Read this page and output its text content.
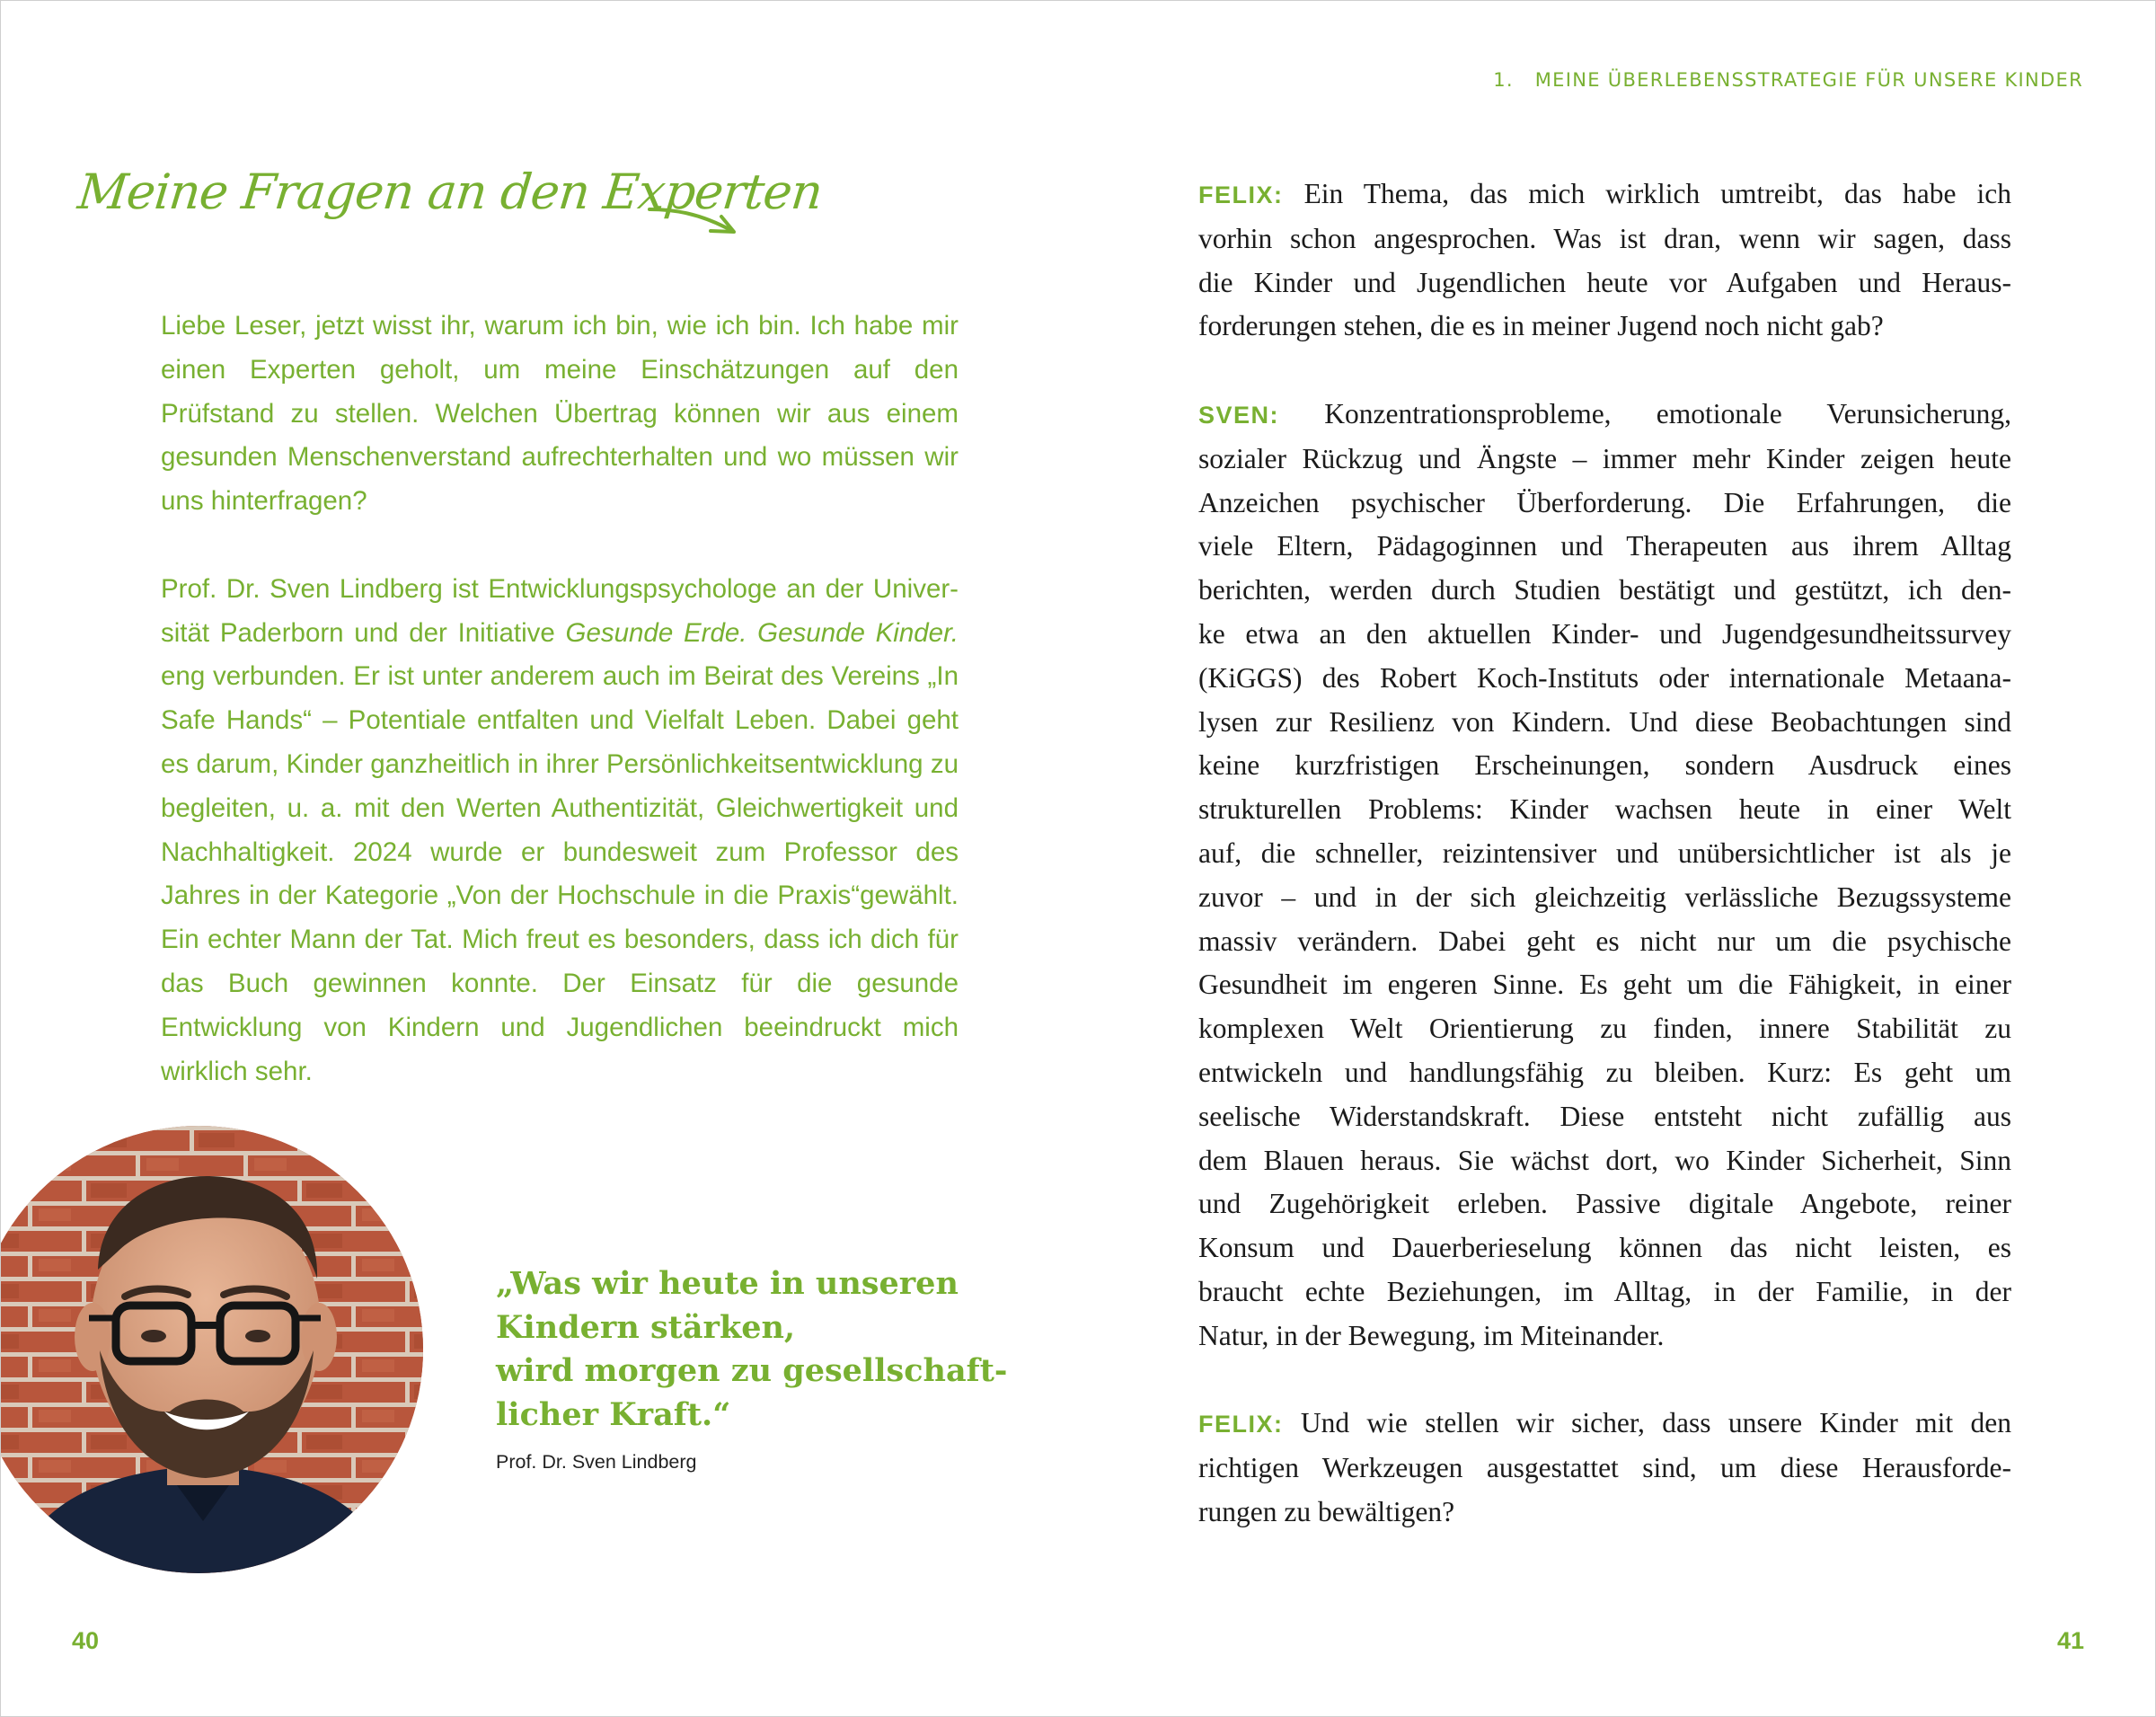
Meine Fragen an den Experten

Liebe Leser, jetzt wisst ihr, warum ich bin, wie ich bin. Ich habe mir einen Experten geholt, um meine Einschätzungen auf den Prüfstand zu stellen. Welchen Übertrag können wir aus einem gesunden Menschenverstand aufrechterhalten und wo müssen wir uns hinterfragen?

Prof. Dr. Sven Lindberg ist Entwicklungspsychologe an der Universität Paderborn und der Initiative Gesunde Erde. Gesunde Kinder. eng verbunden. Er ist unter anderem auch im Beirat des Vereins „In Safe Hands“ – Potentiale entfalten und Vielfalt Leben. Dabei geht es darum, Kinder ganzheitlich in ihrer Persönlichkeitsentwicklung zu begleiten, u. a. mit den Werten Authentizität, Gleichwertigkeit und Nachhaltigkeit. 2024 wurde er bundesweit zum Professor des Jahres in der Kategorie „Von der Hochschule in die Praxis“gewählt. Ein echter Mann der Tat. Mich freut es besonders, dass ich dich für das Buch gewinnen konnte. Der Einsatz für die gesunde Entwicklung von Kindern und Jugendlichen beeindruckt mich wirklich sehr.

„Was wir heute in unseren
Kindern stärken,
wird morgen zu gesellschaft-
licher Kraft.“
Prof. Dr. Sven Lindberg
40
1. MEINE ÜBERLEBENSSTRATEGIE FÜR UNSERE KINDER

FELIX: Ein Thema, das mich wirklich umtreibt, das habe ich
vorhin schon angesprochen. Was ist dran, wenn wir sagen, dass
die Kinder und Jugendlichen heute vor Aufgaben und Heraus-
forderungen stehen, die es in meiner Jugend noch nicht gab?

SVEN: Konzentrationsprobleme, emotionale Verunsicherung,
sozialer Rückzug und Ängste – immer mehr Kinder zeigen heute
Anzeichen psychischer Überforderung. Die Erfahrungen, die
viele Eltern, Pädagoginnen und Therapeuten aus ihrem Alltag
berichten, werden durch Studien bestätigt und gestützt, ich den-
ke etwa an den aktuellen Kinder- und Jugendgesundheitssurvey
(KiGGS) des Robert Koch-Instituts oder internationale Metaana-
lysen zur Resilienz von Kindern. Und diese Beobachtungen sind
keine kurzfristigen Erscheinungen, sondern Ausdruck eines
strukturellen Problems: Kinder wachsen heute in einer Welt
auf, die schneller, reizintensiver und unübersichtlicher ist als je
zuvor – und in der sich gleichzeitig verlässliche Bezugssysteme
massiv verändern. Dabei geht es nicht nur um die psychische
Gesundheit im engeren Sinne. Es geht um die Fähigkeit, in einer
komplexen Welt Orientierung zu finden, innere Stabilität zu
entwickeln und handlungsfähig zu bleiben. Kurz: Es geht um
seelische Widerstandskraft. Diese entsteht nicht zufällig aus
dem Blauen heraus. Sie wächst dort, wo Kinder Sicherheit, Sinn
und Zugehörigkeit erleben. Passive digitale Angebote, reiner
Konsum und Dauerberieselung können das nicht leisten, es
braucht echte Beziehungen, im Alltag, in der Familie, in der
Natur, in der Bewegung, im Miteinander.

FELIX: Und wie stellen wir sicher, dass unsere Kinder mit den
richtigen Werkzeugen ausgestattet sind, um diese Herausforde-
rungen zu bewältigen?

41
